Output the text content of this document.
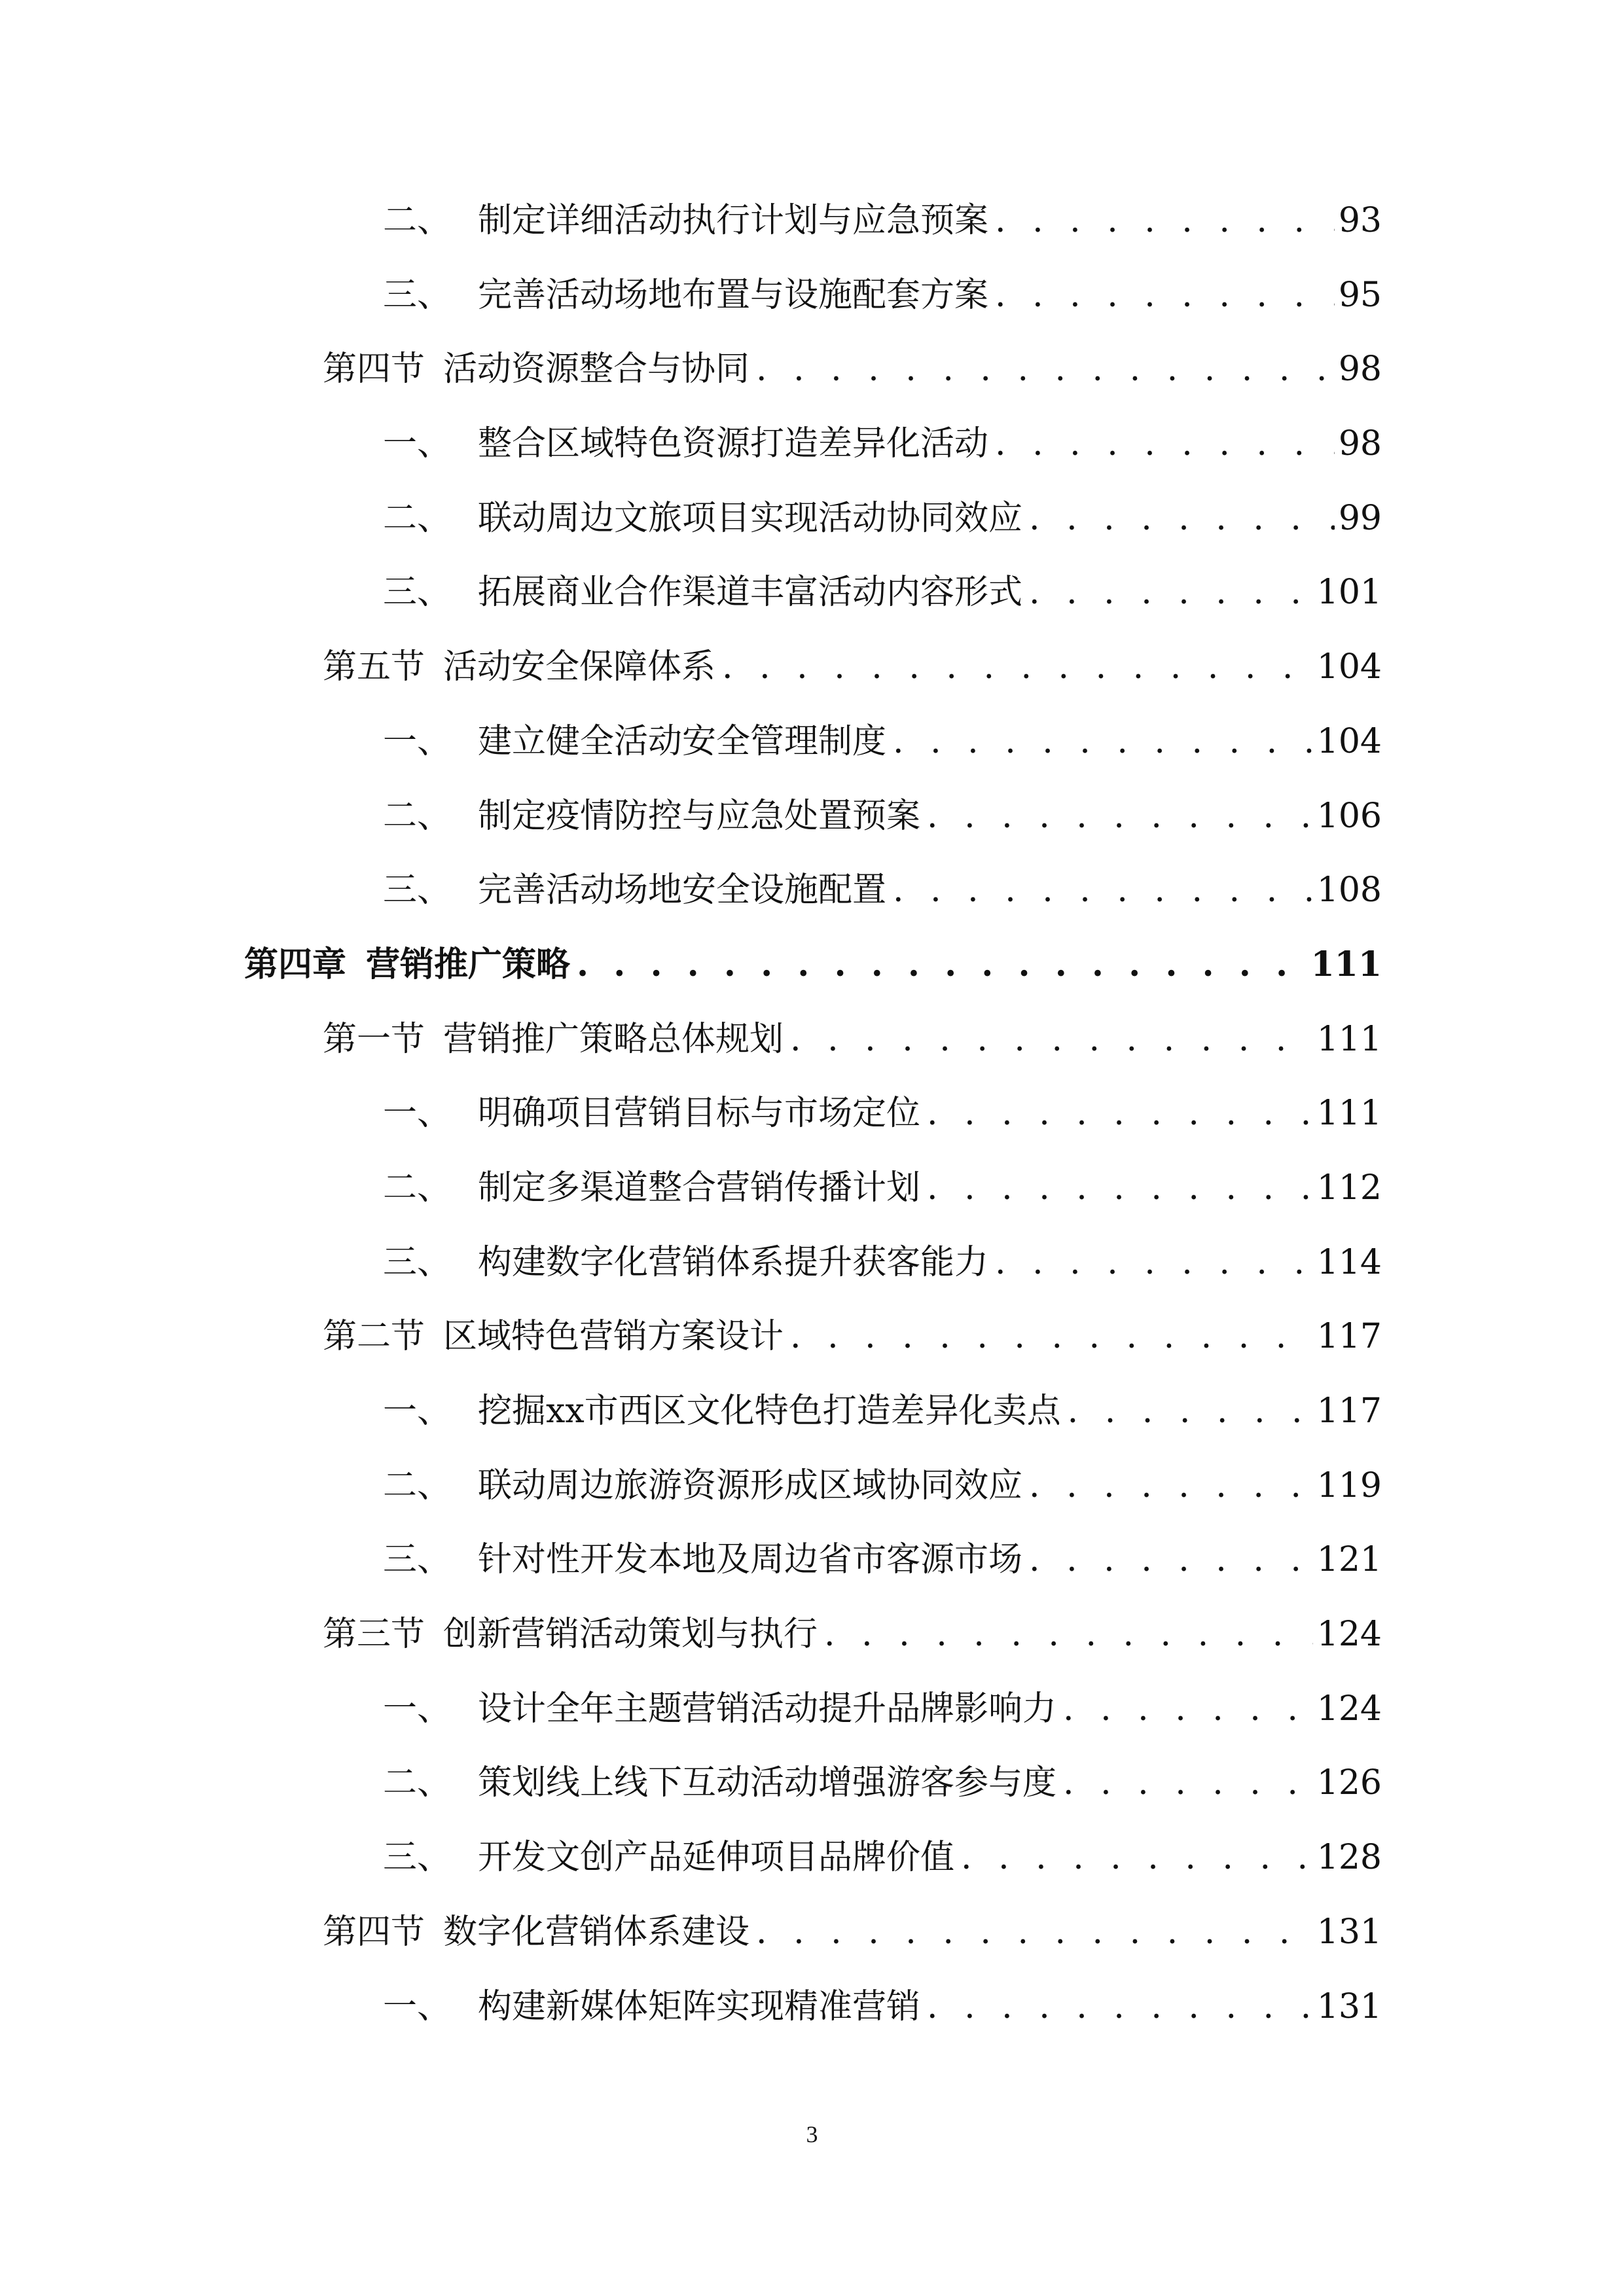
二、 制定详细活动执行计划与应急预案 . . .	93
三、 完善活动场地布置与设施配套方案 . . .	95
第四节 活动资源整合与协同 . . .	98
一、 整合区域特色资源打造差异化活动 . . .	98
二、 联动周边文旅项目实现活动协同效应 . . .	99
三、 拓展商业合作渠道丰富活动内容形式 . . .	101
第五节 活动安全保障体系 . . .	104
一、 建立健全活动安全管理制度 . . .	104
二、 制定疫情防控与应急处置预案 . . .	106
三、 完善活动场地安全设施配置 . . .	108
第四章 营销推广策略 . . .	111
第一节 营销推广策略总体规划 . . .	111
一、 明确项目营销目标与市场定位 . . .	111
二、 制定多渠道整合营销传播计划 . . .	112
三、 构建数字化营销体系提升获客能力 . . .	114
第二节 区域特色营销方案设计 . . .	117
一、 挖掘xx市西区文化特色打造差异化卖点 . . .	117
二、 联动周边旅游资源形成区域协同效应 . . .	119
三、 针对性开发本地及周边省市客源市场 . . .	121
第三节 创新营销活动策划与执行 . . .	124
一、 设计全年主题营销活动提升品牌影响力 . . .	124
二、 策划线上线下互动活动增强游客参与度 . . .	126
三、 开发文创产品延伸项目品牌价值 . . .	128
第四节 数字化营销体系建设 . . .	131
一、 构建新媒体矩阵实现精准营销 . . .	131
3
